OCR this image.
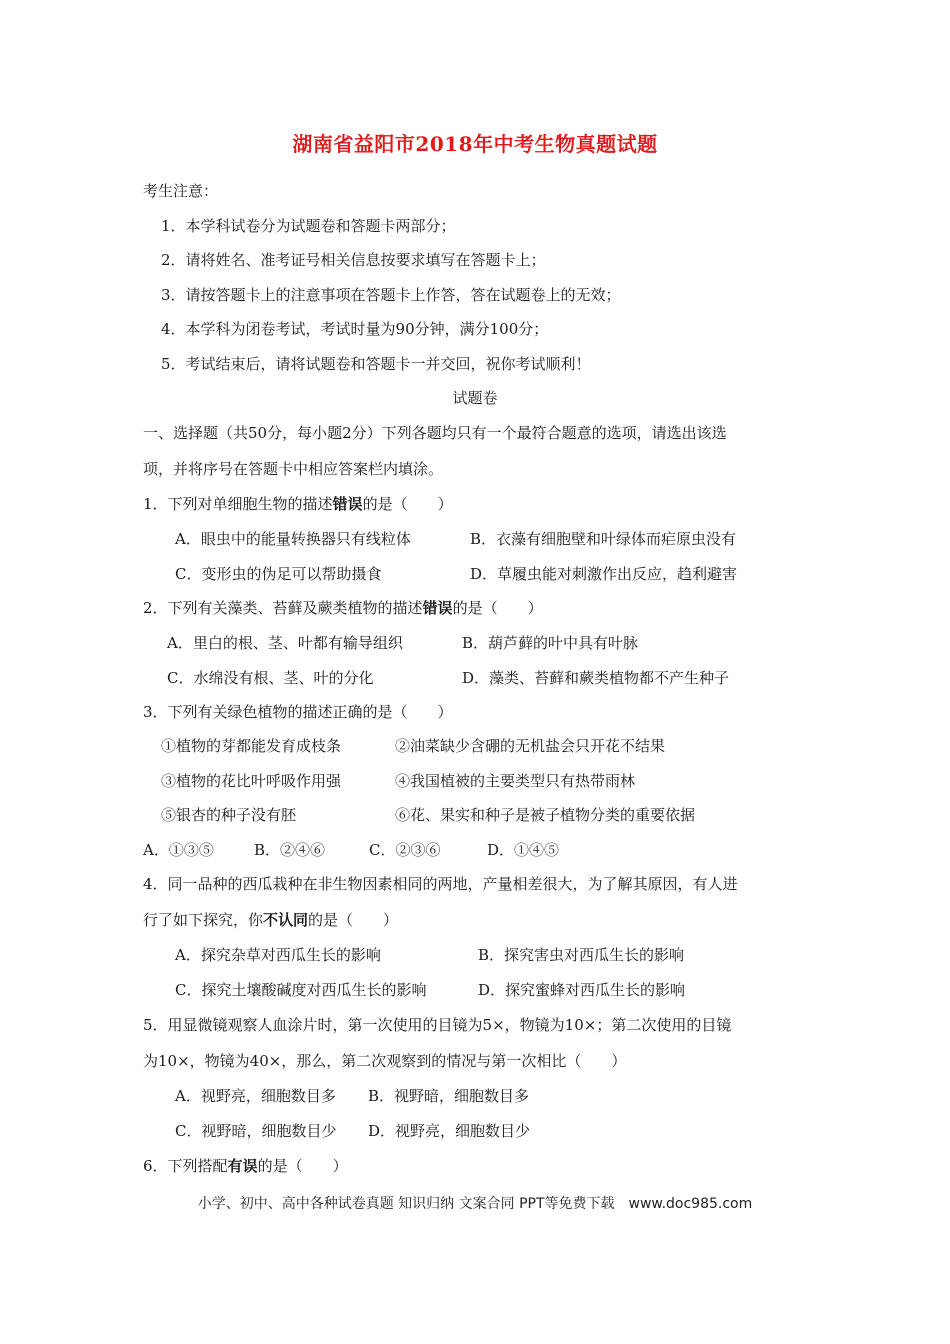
湖南省益阳市2018年中考生物真题试题
考生注意：
1．本学科试卷分为试题卷和答题卡两部分；
2．请将姓名、准考证号相关信息按要求填写在答题卡上；
3．请按答题卡上的注意事项在答题卡上作答，答在试题卷上的无效；
4．本学科为闭卷考试，考试时量为90分钟，满分100分；
5．考试结束后，请将试题卷和答题卡一并交回，祝你考试顺利！
试题卷
一、选择题（共50分，每小题2分）下列各题均只有一个最符合题意的选项，请选出该选
项，并将序号在答题卡中相应答案栏内填涂。
1．下列对单细胞生物的描述错误的是（　　）
A．眼虫中的能量转换器只有线粒体	B．衣藻有细胞壁和叶绿体而疟原虫没有
C．变形虫的伪足可以帮助摄食	D．草履虫能对刺激作出反应，趋利避害
2．下列有关藻类、苔藓及蕨类植物的描述错误的是（　　）
A．里白的根、茎、叶都有输导组织	B．葫芦藓的叶中具有叶脉
C．水绵没有根、茎、叶的分化	D．藻类、苔藓和蕨类植物都不产生种子
3．下列有关绿色植物的描述正确的是（　　）
①植物的芽都能发育成枝条	②油菜缺少含硼的无机盐会只开花不结果
③植物的花比叶呼吸作用强	④我国植被的主要类型只有热带雨林
⑤银杏的种子没有胚	⑥花、果实和种子是被子植物分类的重要依据
A．①③⑤	B．②④⑥	C．②③⑥	D．①④⑤
4．同一品种的西瓜栽种在非生物因素相同的两地，产量相差很大，为了解其原因，有人进
行了如下探究，你不认同的是（　　）
A．探究杂草对西瓜生长的影响	B．探究害虫对西瓜生长的影响
C．探究土壤酸碱度对西瓜生长的影响	D．探究蜜蜂对西瓜生长的影响
5．用显微镜观察人血涂片时，第一次使用的目镜为5×，物镜为10×；第二次使用的目镜
为10×，物镜为40×，那么，第二次观察到的情况与第一次相比（　　）
A．视野亮，细胞数目多 B．视野暗，细胞数目多
C．视野暗，细胞数目少 D．视野亮，细胞数目少
6．下列搭配有误的是（　　）
小学、初中、高中各种试卷真题 知识归纳 文案合同 PPT等免费下载　www.doc985.com
